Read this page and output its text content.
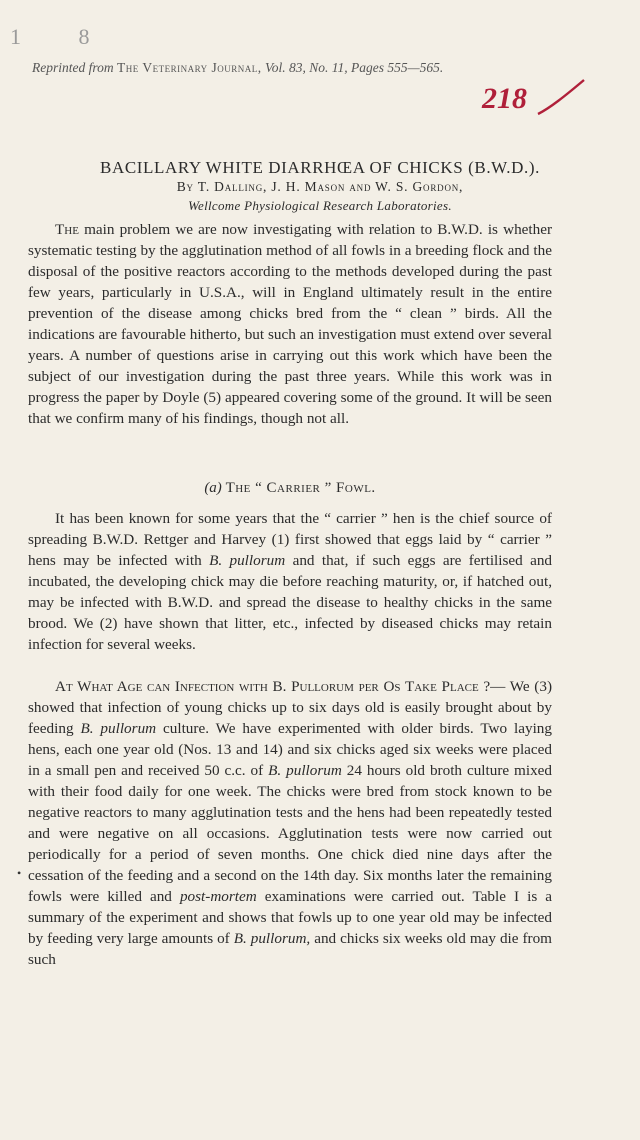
1 8
Reprinted from The Veterinary Journal, Vol. 83, No. 11, Pages 555—565.
218
BACILLARY WHITE DIARRHŒA OF CHICKS (B.W.D.).
By T. Dalling, J. H. Mason and W. S. Gordon,
Wellcome Physiological Research Laboratories.

The main problem we are now investigating with relation to B.W.D. is whether systematic testing by the agglutination method of all fowls in a breeding flock and the disposal of the positive reactors according to the methods developed during the past few years, particularly in U.S.A., will in England ultimately result in the entire prevention of the disease among chicks bred from the “ clean ” birds. All the indications are favourable hitherto, but such an investigation must extend over several years. A number of questions arise in carrying out this work which have been the subject of our investigation during the past three years. While this work was in progress the paper by Doyle (5) appeared covering some of the ground. It will be seen that we confirm many of his findings, though not all.

(a) The “ Carrier ” Fowl.

It has been known for some years that the “ carrier ” hen is the chief source of spreading B.W.D. Rettger and Harvey (1) first showed that eggs laid by “ carrier ” hens may be infected with B. pullorum and that, if such eggs are fertilised and incubated, the developing chick may die before reaching maturity, or, if hatched out, may be infected with B.W.D. and spread the disease to healthy chicks in the same brood. We (2) have shown that litter, etc., infected by diseased chicks may retain infection for several weeks.

At What Age can Infection with B. Pullorum per Os Take Place ?— We (3) showed that infection of young chicks up to six days old is easily brought about by feeding B. pullorum culture. We have experimented with older birds. Two laying hens, each one year old (Nos. 13 and 14) and six chicks aged six weeks were placed in a small pen and received 50 c.c. of B. pullorum 24 hours old broth culture mixed with their food daily for one week. The chicks were bred from stock known to be negative reactors to many agglutination tests and the hens had been repeatedly tested and were negative on all occasions. Agglutination tests were now carried out periodically for a period of seven months. One chick died nine days after the cessation of the feeding and a second on the 14th day. Six months later the remaining fowls were killed and post-mortem examinations were carried out. Table I is a summary of the experiment and shows that fowls up to one year old may be infected by feeding very large amounts of B. pullorum, and chicks six weeks old may die from such

•
